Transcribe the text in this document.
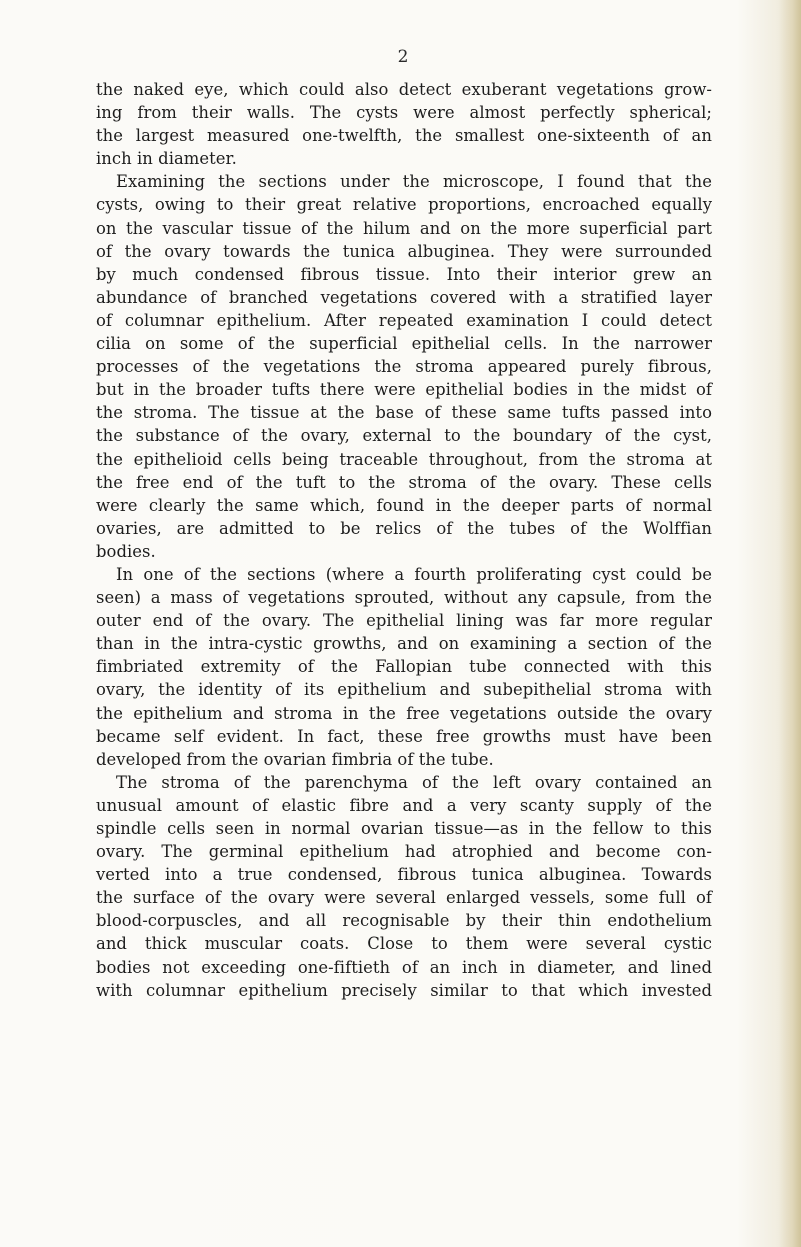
2
the naked eye, which could also detect exuberant vegetations grow-
ing from their walls. The cysts were almost perfectly spherical;
the largest measured one-twelfth, the smallest one-sixteenth of an
inch in diameter.
Examining the sections under the microscope, I found that the
cysts, owing to their great relative proportions, encroached equally
on the vascular tissue of the hilum and on the more superficial part
of the ovary towards the tunica albuginea. They were surrounded
by much condensed fibrous tissue. Into their interior grew an
abundance of branched vegetations covered with a stratified layer
of columnar epithelium. After repeated examination I could detect
cilia on some of the superficial epithelial cells. In the narrower
processes of the vegetations the stroma appeared purely fibrous,
but in the broader tufts there were epithelial bodies in the midst of
the stroma. The tissue at the base of these same tufts passed into
the substance of the ovary, external to the boundary of the cyst,
the epithelioid cells being traceable throughout, from the stroma at
the free end of the tuft to the stroma of the ovary. These cells
were clearly the same which, found in the deeper parts of normal
ovaries, are admitted to be relics of the tubes of the Wolffian
bodies.
In one of the sections (where a fourth proliferating cyst could be
seen) a mass of vegetations sprouted, without any capsule, from the
outer end of the ovary. The epithelial lining was far more regular
than in the intra-cystic growths, and on examining a section of the
fimbriated extremity of the Fallopian tube connected with this
ovary, the identity of its epithelium and subepithelial stroma with
the epithelium and stroma in the free vegetations outside the ovary
became self evident. In fact, these free growths must have been
developed from the ovarian fimbria of the tube.
The stroma of the parenchyma of the left ovary contained an
unusual amount of elastic fibre and a very scanty supply of the
spindle cells seen in normal ovarian tissue—as in the fellow to this
ovary. The germinal epithelium had atrophied and become con-
verted into a true condensed, fibrous tunica albuginea. Towards
the surface of the ovary were several enlarged vessels, some full of
blood-corpuscles, and all recognisable by their thin endothelium
and thick muscular coats. Close to them were several cystic
bodies not exceeding one-fiftieth of an inch in diameter, and lined
with columnar epithelium precisely similar to that which invested
